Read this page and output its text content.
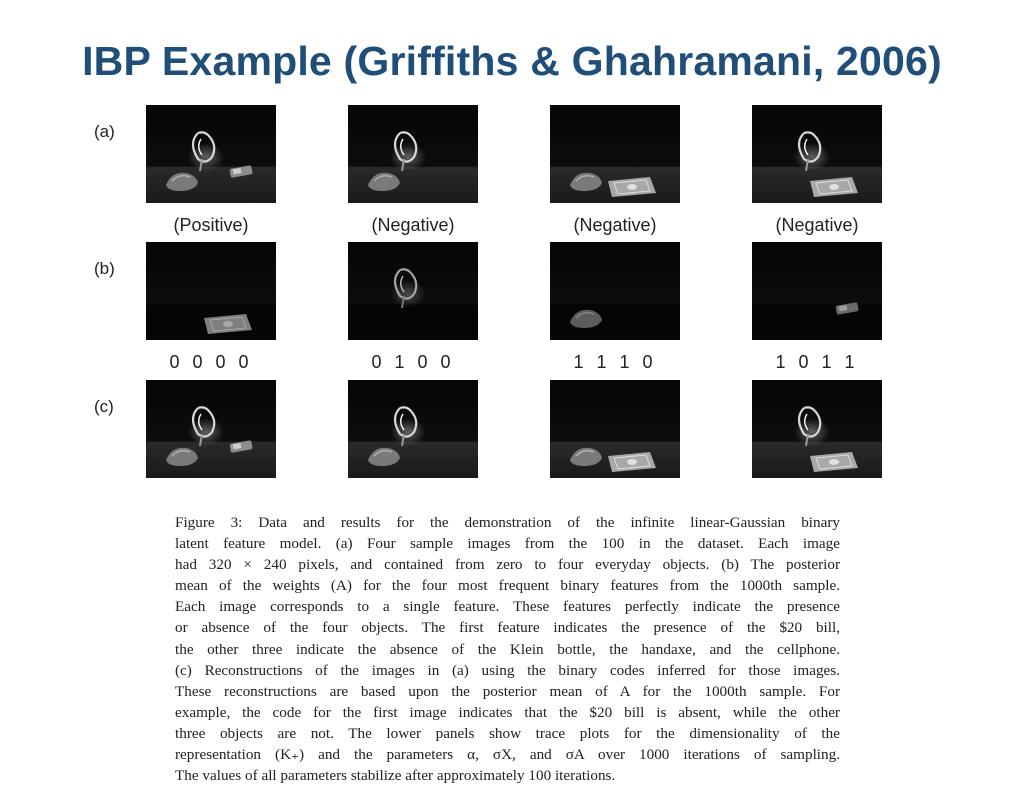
IBP Example (Griffiths & Ghahramani, 2006)
(a)
(b)
(c)
(Positive)	(Negative)	(Negative)	(Negative)
0 0 0 0	0 1 0 0	1 1 1 0	1 0 1 1
Figure 3: Data and results for the demonstration of the infinite linear-Gaussian binary
latent feature model. (a) Four sample images from the 100 in the dataset. Each image
had 320 × 240 pixels, and contained from zero to four everyday objects. (b) The posterior
mean of the weights (A) for the four most frequent binary features from the 1000th sample.
Each image corresponds to a single feature. These features perfectly indicate the presence
or absence of the four objects. The first feature indicates the presence of the $20 bill,
the other three indicate the absence of the Klein bottle, the handaxe, and the cellphone.
(c) Reconstructions of the images in (a) using the binary codes inferred for those images.
These reconstructions are based upon the posterior mean of A for the 1000th sample. For
example, the code for the first image indicates that the $20 bill is absent, while the other
three objects are not. The lower panels show trace plots for the dimensionality of the
representation (K₊) and the parameters α, σX, and σA over 1000 iterations of sampling.
The values of all parameters stabilize after approximately 100 iterations.
